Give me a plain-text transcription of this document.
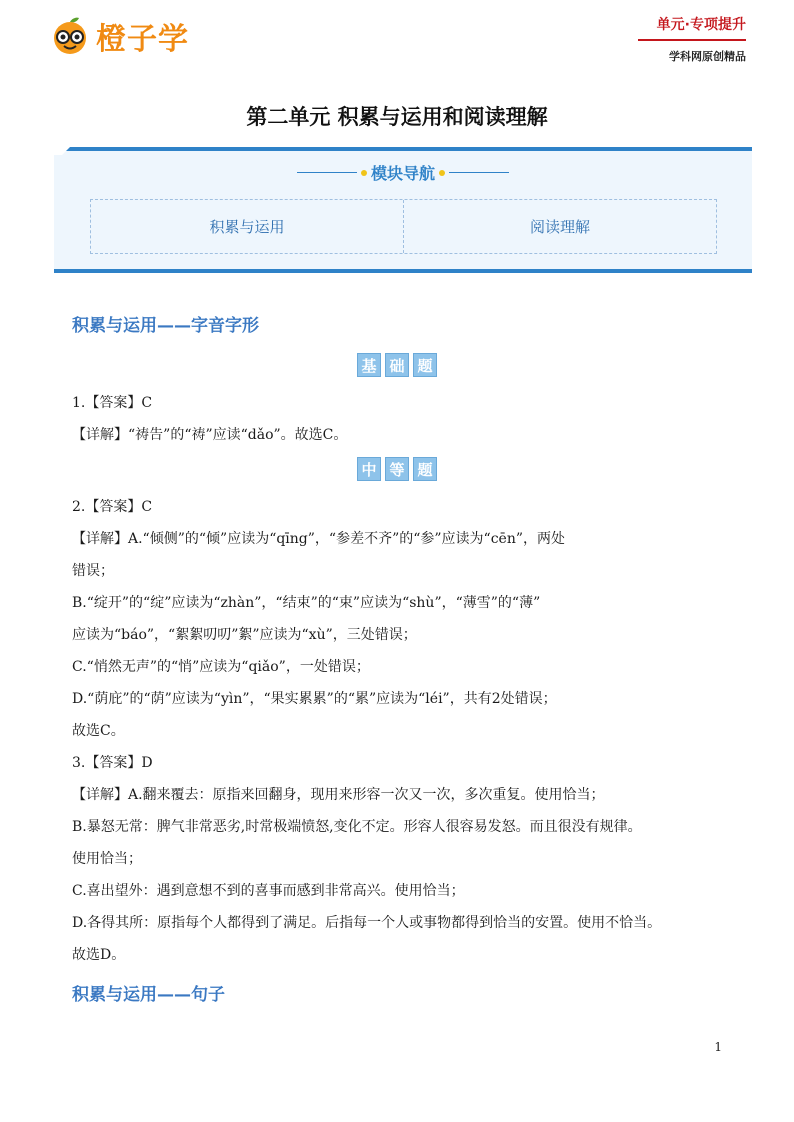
橙子学	单元·专项提升
学科网原创精品
第二单元 积累与运用和阅读理解
模块导航
积累与运用	阅读理解
积累与运用——字音字形
基 础 题

1.【答案】C

【详解】“祷告”的“祷”应读“dǎo”。故选C。

中 等 题

2.【答案】C

【详解】A.“倾侧”的“倾”应读为“qīng”，“参差不齐”的“参”应读为“cēn”，两处

错误；

B.“绽开”的“绽”应读为“zhàn”，“结束”的“束”应读为“shù”，“薄雪”的“薄”

应读为“báo”，“絮絮叨叨”絮”应读为“xù”，三处错误；

C.“悄然无声”的“悄”应读为“qiǎo”，一处错误；

D.“荫庇”的“荫”应读为“yìn”，“果实累累”的“累”应读为“léi”，共有2处错误；

故选C。

3.【答案】D

【详解】A.翻来覆去：原指来回翻身，现用来形容一次又一次，多次重复。使用恰当；

B.暴怒无常：脾气非常恶劣,时常极端愤怒,变化不定。形容人很容易发怒。而且很没有规律。

使用恰当；

C.喜出望外：遇到意想不到的喜事而感到非常高兴。使用恰当；

D.各得其所：原指每个人都得到了满足。后指每一个人或事物都得到恰当的安置。使用不恰当。

故选D。

积累与运用——句子
1
